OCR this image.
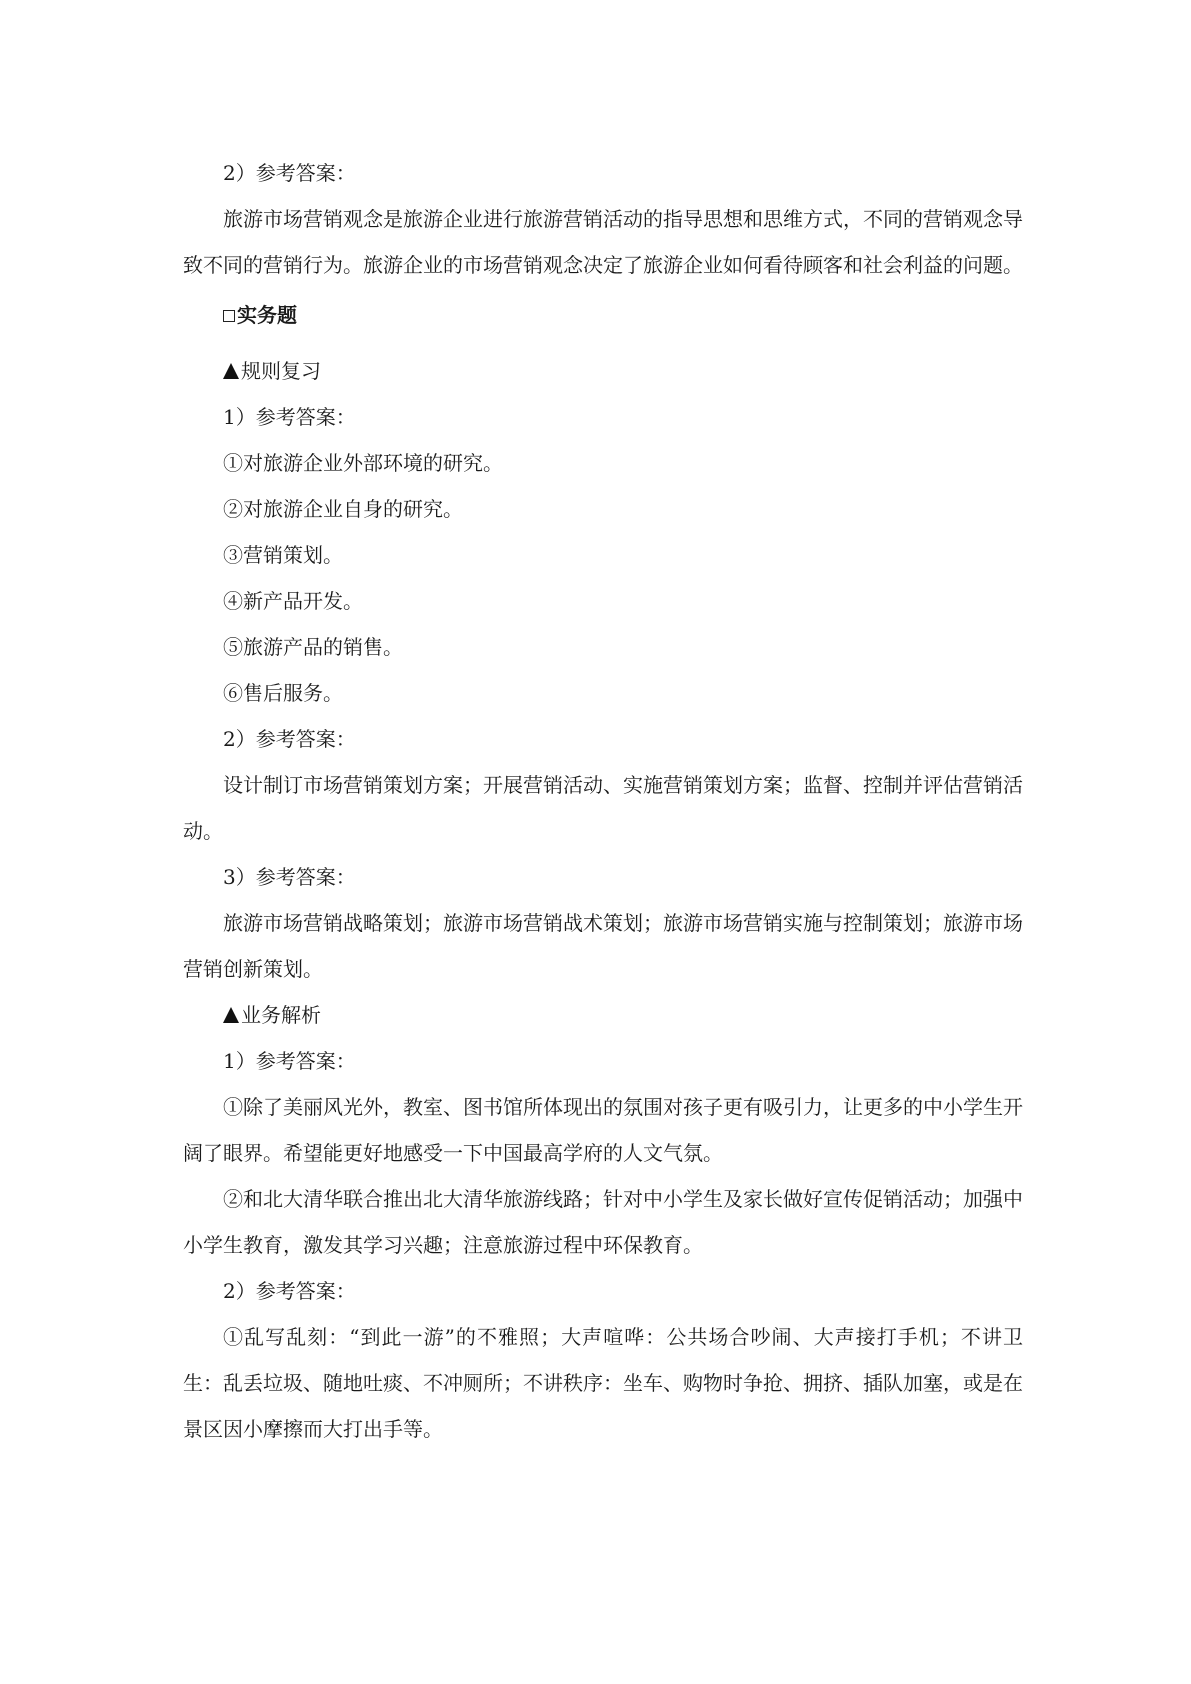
2）参考答案：

旅游市场营销观念是旅游企业进行旅游营销活动的指导思想和思维方式，不同的营销观念导致不同的营销行为。旅游企业的市场营销观念决定了旅游企业如何看待顾客和社会利益的问题。

实务题

规则复习

1）参考答案：

①对旅游企业外部环境的研究。

②对旅游企业自身的研究。

③营销策划。

④新产品开发。

⑤旅游产品的销售。

⑥售后服务。

2）参考答案：

设计制订市场营销策划方案；开展营销活动、实施营销策划方案；监督、控制并评估营销活动。

3）参考答案：

旅游市场营销战略策划；旅游市场营销战术策划；旅游市场营销实施与控制策划；旅游市场营销创新策划。

业务解析

1）参考答案：

①除了美丽风光外，教室、图书馆所体现出的氛围对孩子更有吸引力，让更多的中小学生开阔了眼界。希望能更好地感受一下中国最高学府的人文气氛。

②和北大清华联合推出北大清华旅游线路；针对中小学生及家长做好宣传促销活动；加强中小学生教育，激发其学习兴趣；注意旅游过程中环保教育。

2）参考答案：

①乱写乱刻：“到此一游”的不雅照；大声喧哗：公共场合吵闹、大声接打手机；不讲卫生：乱丢垃圾、随地吐痰、不冲厕所；不讲秩序：坐车、购物时争抢、拥挤、插队加塞，或是在景区因小摩擦而大打出手等。
